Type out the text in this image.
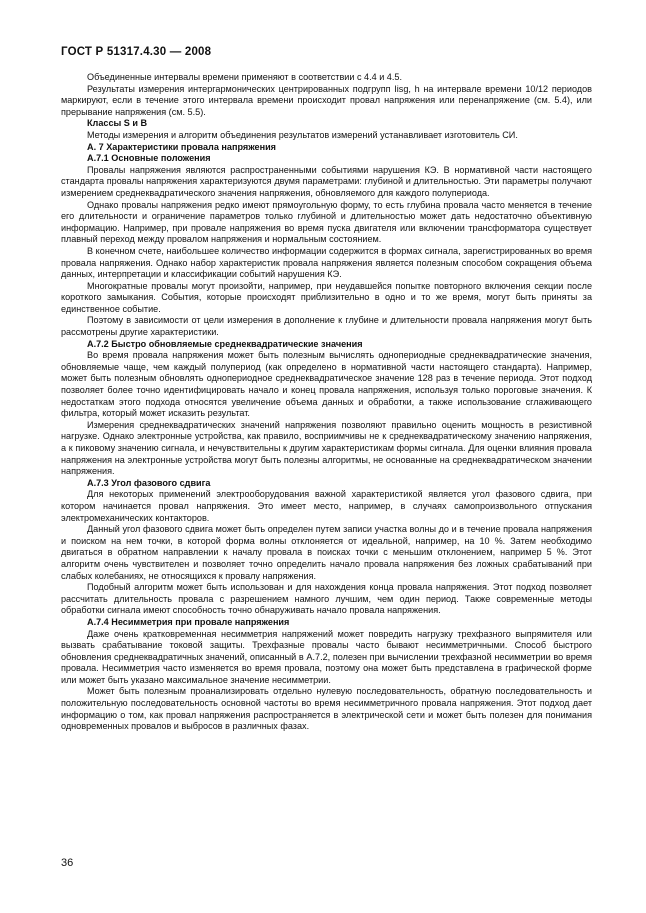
ГОСТ Р 51317.4.30 — 2008
Объединенные интервалы времени применяют в соответствии с 4.4 и 4.5.
Результаты измерения интергармонических центрированных подгрупп Iisg, h на интервале времени 10/12 периодов маркируют, если в течение этого интервала времени происходит провал напряжения или перенапряжение (см. 5.4), или прерывание напряжения (см. 5.5).
Классы S и B
Методы измерения и алгоритм объединения результатов измерений устанавливает изготовитель СИ.
А. 7 Характеристики провала напряжения
А.7.1 Основные положения
Провалы напряжения являются распространенными событиями нарушения КЭ. В нормативной части настоящего стандарта провалы напряжения характеризуются двумя параметрами: глубиной и длительностью. Эти параметры получают измерением среднеквадратического значения напряжения, обновляемого для каждого полупериода.
Однако провалы напряжения редко имеют прямоугольную форму, то есть глубина провала часто меняется в течение его длительности и ограничение параметров только глубиной и длительностью может дать недостаточно объективную информацию. Например, при провале напряжения во время пуска двигателя или включении трансформатора существует плавный переход между провалом напряжения и нормальным состоянием.
В конечном счете, наибольшее количество информации содержится в формах сигнала, зарегистрированных во время провала напряжения. Однако набор характеристик провала напряжения является полезным способом сокращения объема данных, интерпретации и классификации событий нарушения КЭ.
Многократные провалы могут произойти, например, при неудавшейся попытке повторного включения секции после короткого замыкания. События, которые происходят приблизительно в одно и то же время, могут быть приняты за единственное событие.
Поэтому в зависимости от цели измерения в дополнение к глубине и длительности провала напряжения могут быть рассмотрены другие характеристики.
А.7.2 Быстро обновляемые среднеквадратические значения
Во время провала напряжения может быть полезным вычислять однопериодные среднеквадратические значения, обновляемые чаще, чем каждый полупериод (как определено в нормативной части настоящего стандарта). Например, может быть полезным обновлять однопериодное среднеквадратическое значение 128 раз в течение периода. Этот подход позволяет более точно идентифицировать начало и конец провала напряжения, используя только пороговые значения. К недостаткам этого подхода относятся увеличение объема данных и обработки, а также использование сглаживающего фильтра, который может исказить результат.
Измерения среднеквадратических значений напряжения позволяют правильно оценить мощность в резистивной нагрузке. Однако электронные устройства, как правило, восприимчивы не к среднеквадратическому значению напряжения, а к пиковому значению сигнала, и нечувствительны к другим характеристикам формы сигнала. Для оценки влияния провала напряжения на электронные устройства могут быть полезны алгоритмы, не основанные на среднеквадратическом значении напряжения.
А.7.3 Угол фазового сдвига
Для некоторых применений электрооборудования важной характеристикой является угол фазового сдвига, при котором начинается провал напряжения. Это имеет место, например, в случаях самопроизвольного отпускания электромеханических контакторов.
Данный угол фазового сдвига может быть определен путем записи участка волны до и в течение провала напряжения и поиском на нем точки, в которой форма волны отклоняется от идеальной, например, на 10 %. Затем необходимо двигаться в обратном направлении к началу провала в поисках точки с меньшим отклонением, например 5 %. Этот алгоритм очень чувствителен и позволяет точно определить начало провала напряжения без ложных срабатываний при слабых колебаниях, не относящихся к провалу напряжения.
Подобный алгоритм может быть использован и для нахождения конца провала напряжения. Этот подход позволяет рассчитать длительность провала с разрешением намного лучшим, чем один период. Также современные методы обработки сигнала имеют способность точно обнаруживать начало провала напряжения.
А.7.4 Несимметрия при провале напряжения
Даже очень кратковременная несимметрия напряжений может повредить нагрузку трехфазного выпрямителя или вызвать срабатывание токовой защиты. Трехфазные провалы часто бывают несимметричными. Способ быстрого обновления среднеквадратичных значений, описанный в А.7.2, полезен при вычислении трехфазной несимметрии во время провала. Несимметрия часто изменяется во время провала, поэтому она может быть представлена в графической форме или может быть указано максимальное значение несимметрии.
Может быть полезным проанализировать отдельно нулевую последовательность, обратную последовательность и положительную последовательность основной частоты во время несимметричного провала напряжения. Этот подход дает информацию о том, как провал напряжения распространяется в электрической сети и может быть полезен для понимания одновременных провалов и выбросов в различных фазах.
36
